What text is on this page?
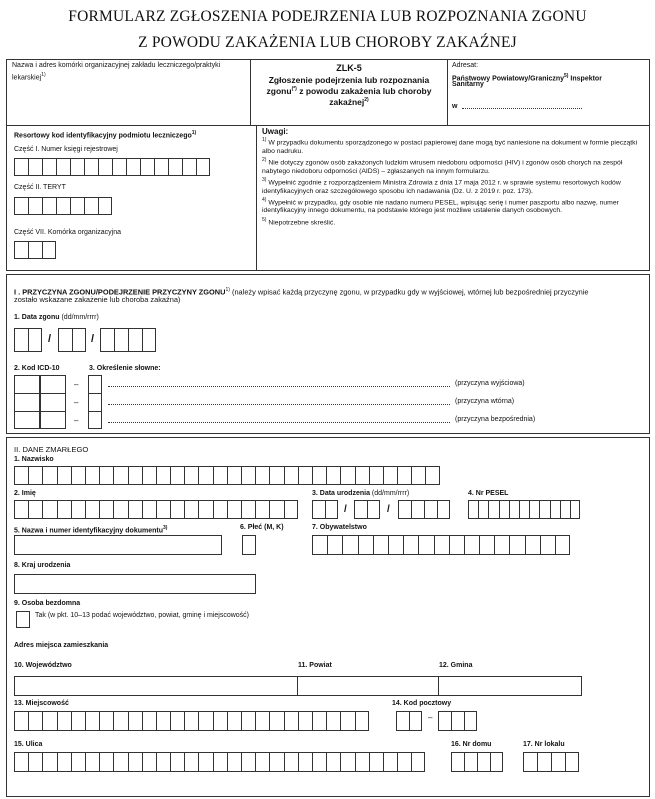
FORMULARZ ZGŁOSZENIA PODEJRZENIA LUB ROZPOZNANIA ZGONU
Z POWODU ZAKAŻENIA LUB CHOROBY ZAKAŹNEJ
Nazwa i adres komórki organizacyjnej zakładu leczniczego/praktyki lekarskiej$^{1)}$
ZLK-5
Zgłoszenie podejrzenia lub rozpoznania
zgonu(*) z powodu zakażenia lub choroby
zakaźnej$^{2)}$
Adresat:
Państwowy Powiatowy/Graniczny$^{5)}$ Inspektor
Sanitarny
w
Resortowy kod identyfikacyjny podmiotu leczniczego$^{1)}$
Część I. Numer księgi rejestrowej
Część II. TERYT
Część VII. Komórka organizacyjna
Uwagi:
$^{1)}$ W przypadku dokumentu sporządzonego w postaci papierowej dane mogą być naniesione na dokument w formie pieczątki albo nadruku.
$^{2)}$ Nie dotyczy zgonów osób zakażonych ludzkim wirusem niedoboru odporności (HIV) i zgonów osób chorych na zespół nabytego niedoboru odporności (AIDS) – zgłaszanych na innym formularzu.
$^{3)}$ Wypełnić zgodnie z rozporządzeniem Ministra Zdrowia z dnia 17 maja 2012 r. w sprawie systemu resortowych kodów identyfikacyjnych oraz szczegółowego sposobu ich nadawania (Dz. U. z 2019 r. poz. 173).
$^{4)}$ Wypełnić w przypadku, gdy osobie nie nadano numeru PESEL, wpisując serię i numer paszportu albo nazwę, numer identyfikacyjny innego dokumentu, na podstawie którego jest możliwe ustalenie danych osobowych.
$^{5)}$ Niepotrzebne skreślić.
I . PRZYCZYNA ZGONU/PODEJRZENIE PRZYCZYNY ZGONU$^{1)}$ (należy wpisać każdą przyczynę zgonu, w przypadku gdy w wyjściowej, wtórnej lub bezpośredniej przyczynie
zostało wskazane zakażenie lub choroba zakaźna)
1. Data zgonu (dd/mm/rrrr)
/	/
2. Kod ICD-10	3. Określenie słowne:
–
–
–
(przyczyna wyjściowa)
(przyczyna wtórna)
(przyczyna bezpośrednia)
II. DANE ZMARŁEGO
1. Nazwisko
2. Imię	3. Data urodzenia (dd/mm/rrrr)
/	/
4. Nr PESEL
5. Nazwa i numer identyfikacyjny dokumentu$^{3)}$	6. Płeć (M, K)	7. Obywatelstwo
8. Kraj urodzenia
9. Osoba bezdomna
Tak (w pkt. 10–13 podać województwo, powiat, gminę i miejscowość)
Adres miejsca zamieszkania
10. Województwo	11. Powiat	12. Gmina
13. Miejscowość	14. Kod pocztowy
–
15. Ulica	16. Nr domu	17. Nr lokalu
